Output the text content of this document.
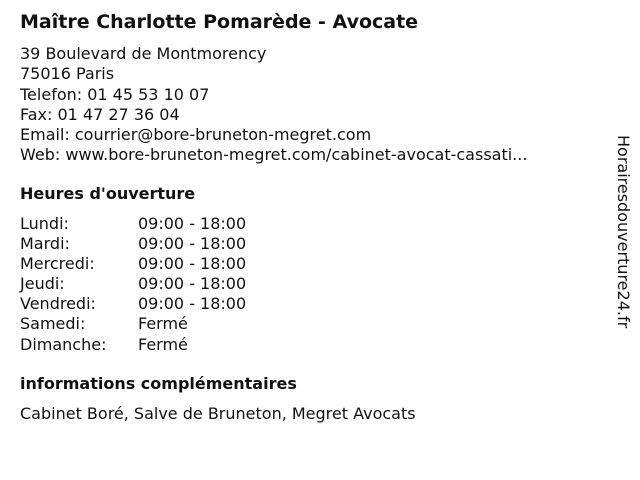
Maître Charlotte Pomarède - Avocate
39 Boulevard de Montmorency
75016 Paris
Telefon: 01 45 53 10 07
Fax: 01 47 27 36 04
Email: courrier@bore-bruneton-megret.com
Web: www.bore-bruneton-megret.com/cabinet-avocat-cassati...
Heures d'ouverture
Lundi:	09:00 - 18:00
Mardi:	09:00 - 18:00
Mercredi:	09:00 - 18:00
Jeudi:	09:00 - 18:00
Vendredi:	09:00 - 18:00
Samedi:	Fermé
Dimanche:	Fermé
informations complémentaires
Cabinet Boré, Salve de Bruneton, Megret Avocats
Horairesdouverture24.fr
